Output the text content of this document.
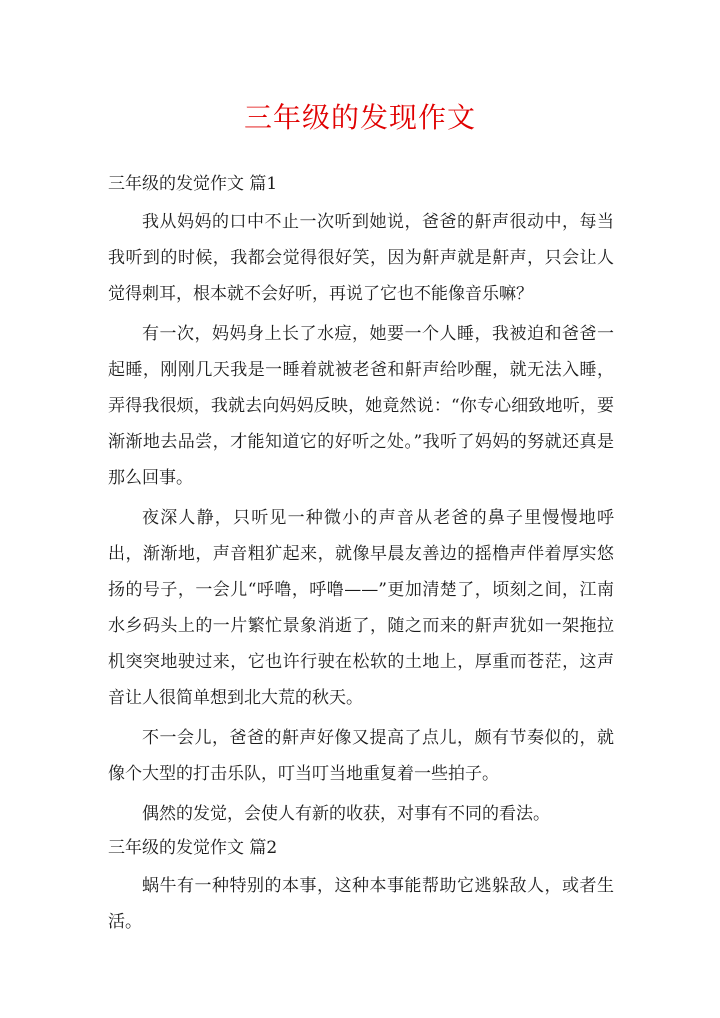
三年级的发现作文
三年级的发觉作文 篇1

我从妈妈的口中不止一次听到她说，爸爸的鼾声很动中，每当我听到的时候，我都会觉得很好笑，因为鼾声就是鼾声，只会让人觉得刺耳，根本就不会好听，再说了它也不能像音乐嘛？

有一次，妈妈身上长了水痘，她要一个人睡，我被迫和爸爸一起睡，刚刚几天我是一睡着就被老爸和鼾声给吵醒，就无法入睡，弄得我很烦，我就去向妈妈反映，她竟然说：“你专心细致地听，要渐渐地去品尝，才能知道它的好听之处。”我听了妈妈的努就还真是那么回事。

夜深人静，只听见一种微小的声音从老爸的鼻子里慢慢地呼出，渐渐地，声音粗犷起来，就像早晨友善边的摇橹声伴着厚实悠扬的号子，一会儿“呼噜，呼噜——”更加清楚了，顷刻之间，江南水乡码头上的一片繁忙景象消逝了，随之而来的鼾声犹如一架拖拉机突突地驶过来，它也许行驶在松软的土地上，厚重而苍茫，这声音让人很简单想到北大荒的秋天。

不一会儿，爸爸的鼾声好像又提高了点儿，颇有节奏似的，就像个大型的打击乐队，叮当叮当地重复着一些拍子。

偶然的发觉，会使人有新的收获，对事有不同的看法。

三年级的发觉作文 篇2

蜗牛有一种特别的本事，这种本事能帮助它逃躲敌人，或者生活。
